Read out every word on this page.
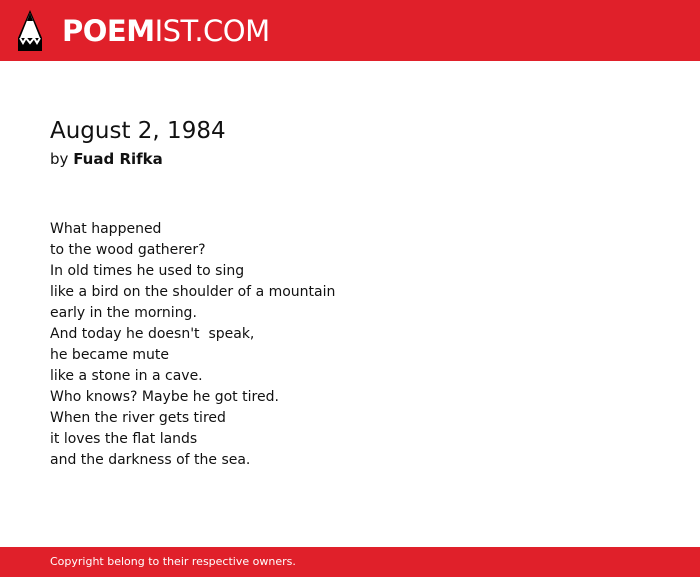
POEMIST.COM
August 2, 1984
by Fuad Rifka
What happened
to the wood gatherer?
In old times he used to sing
like a bird on the shoulder of a mountain
early in the morning.
And today he doesn't  speak,
he became mute
like a stone in a cave.
Who knows? Maybe he got tired.
When the river gets tired
it loves the flat lands
and the darkness of the sea.
Copyright belong to their respective owners.
